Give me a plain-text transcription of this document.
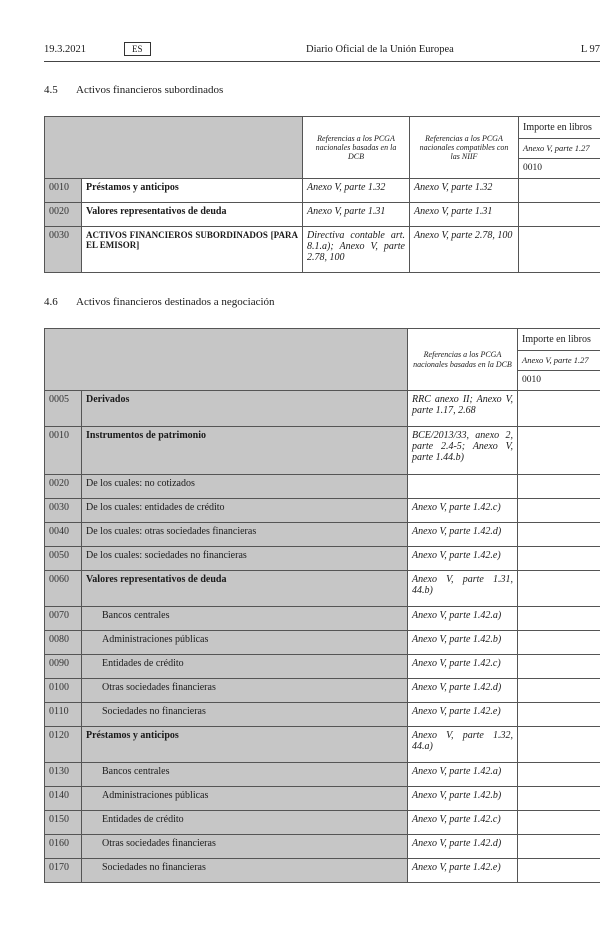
19.3.2021	ES	Diario Oficial de la Unión Europea	L 97
4.5 Activos financieros subordinados
		Referencias a los PCGA nacionales basadas en la DCB	Referencias a los PCGA nacionales compatibles con las NIIF	Importe en libros
				Anexo V, parte 1.27
				0010
0010	Préstamos y anticipos	Anexo V, parte 1.32	Anexo V, parte 1.32	
0020	Valores representativos de deuda	Anexo V, parte 1.31	Anexo V, parte 1.31	
0030	ACTIVOS FINANCIEROS SUBORDINADOS [PARA EL EMISOR]	Directiva contable art. 8.1.a); Anexo V, parte 2.78, 100	Anexo V, parte 2.78, 100	
4.6 Activos financieros destinados a negociación
		Referencias a los PCGA nacionales basadas en la DCB	Importe en libros
			Anexo V, parte 1.27
			0010
0005	Derivados	RRC anexo II; Anexo V, parte 1.17, 2.68	
0010	Instrumentos de patrimonio	BCE/2013/33, anexo 2, parte 2.4-5; Anexo V, parte 1.44.b)	
0020	De los cuales: no cotizados		
0030	De los cuales: entidades de crédito	Anexo V, parte 1.42.c)	
0040	De los cuales: otras sociedades financieras	Anexo V, parte 1.42.d)	
0050	De los cuales: sociedades no financieras	Anexo V, parte 1.42.e)	
0060	Valores representativos de deuda	Anexo V, parte 1.31, 44.b)	
0070	Bancos centrales	Anexo V, parte 1.42.a)	
0080	Administraciones públicas	Anexo V, parte 1.42.b)	
0090	Entidades de crédito	Anexo V, parte 1.42.c)	
0100	Otras sociedades financieras	Anexo V, parte 1.42.d)	
0110	Sociedades no financieras	Anexo V, parte 1.42.e)	
0120	Préstamos y anticipos	Anexo V, parte 1.32, 44.a)	
0130	Bancos centrales	Anexo V, parte 1.42.a)	
0140	Administraciones públicas	Anexo V, parte 1.42.b)	
0150	Entidades de crédito	Anexo V, parte 1.42.c)	
0160	Otras sociedades financieras	Anexo V, parte 1.42.d)	
0170	Sociedades no financieras	Anexo V, parte 1.42.e)	
